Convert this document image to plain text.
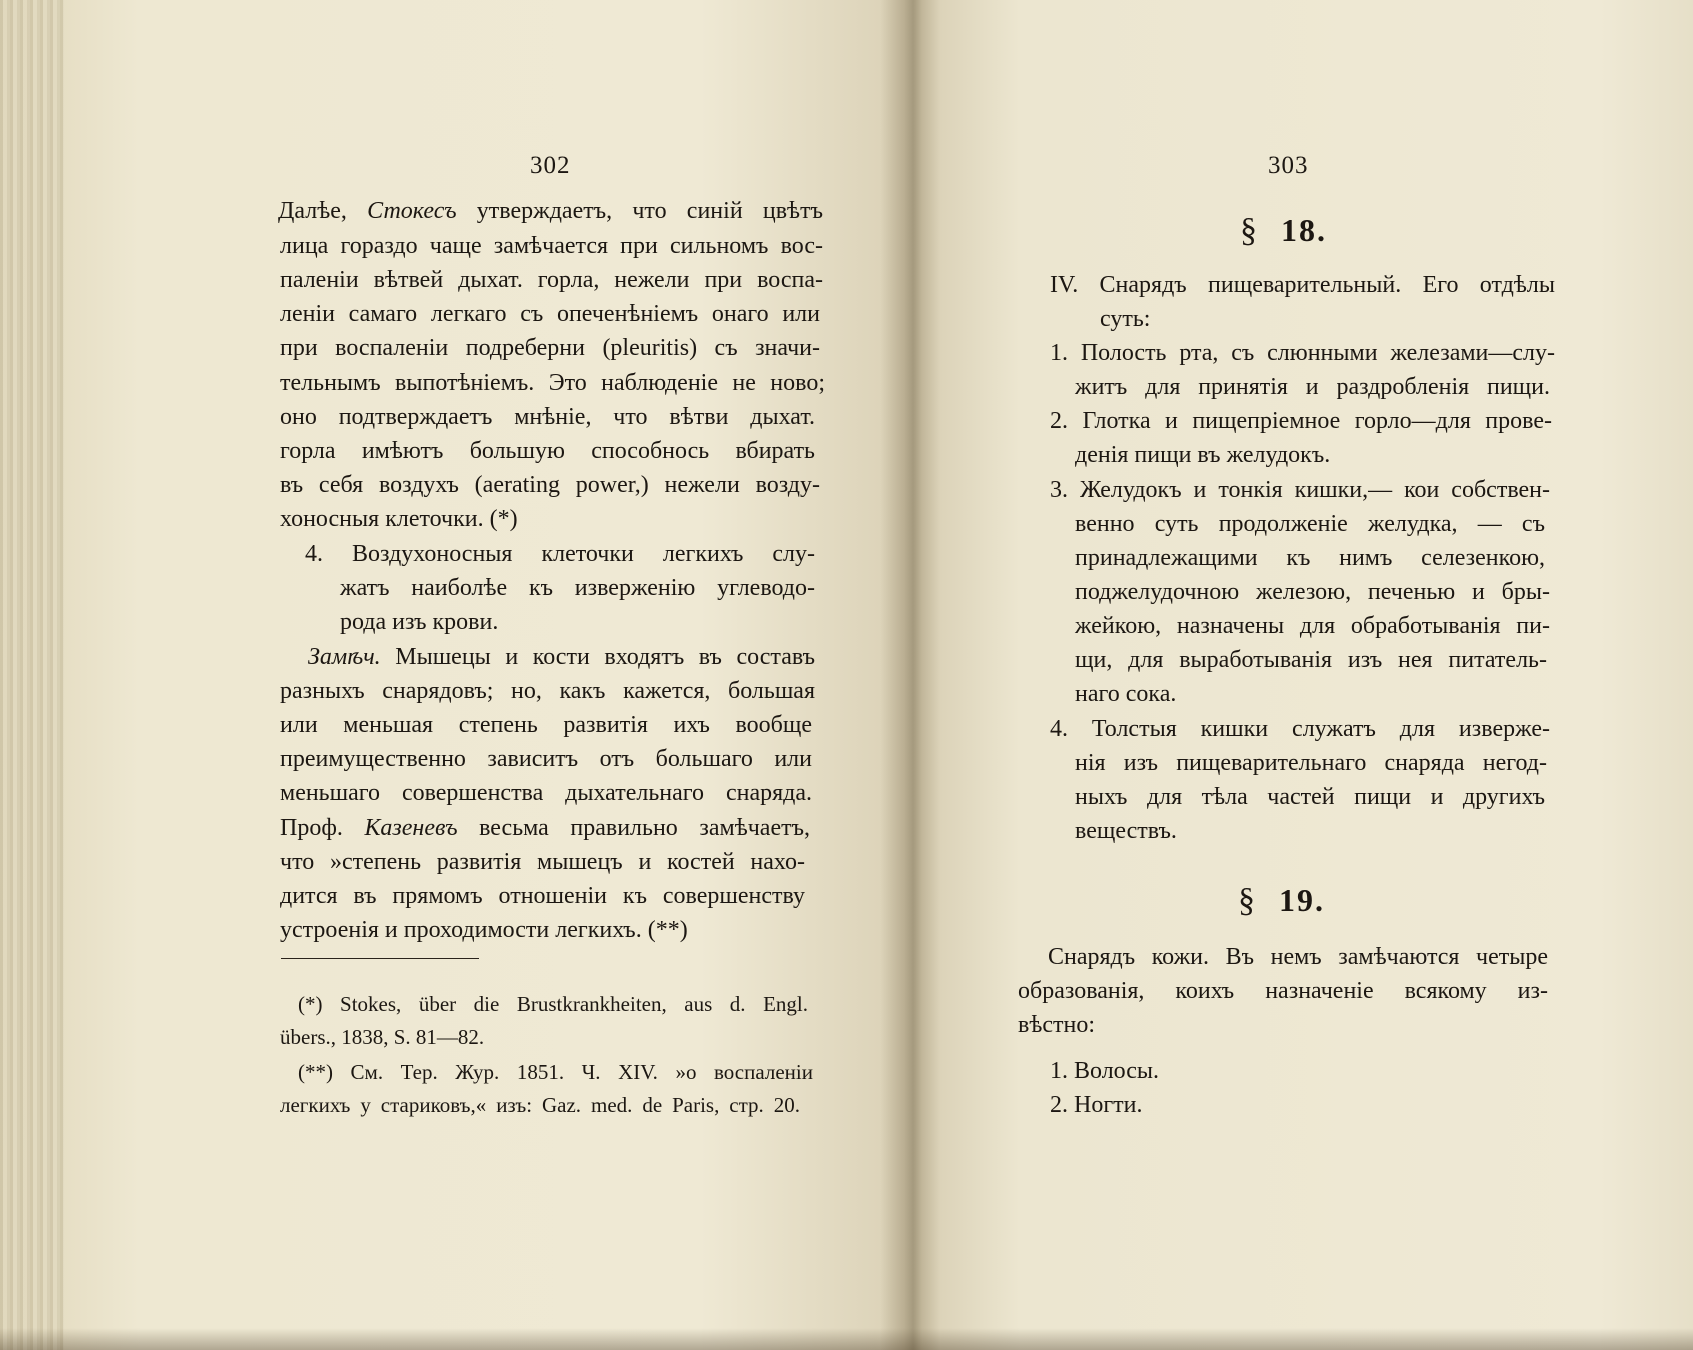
302
Далѣе, Стокесъ утверждаетъ, что синій цвѣтъ
лица гораздо чаще замѣчается при сильномъ вос-
паленіи вѣтвей дыхат. горла, нежели при воспа-
леніи самаго легкаго съ опеченѣніемъ онаго или
при воспаленіи подреберни (pleuritis) съ значи-
тельнымъ выпотѣніемъ. Это наблюденіе не ново;
оно подтверждаетъ мнѣніе, что вѣтви дыхат.
горла имѣютъ большую способнось вбирать
въ себя воздухъ (aerating power,) нежели возду-
хоносныя клеточки. (*)
4. Воздухоносныя клеточки легкихъ слу-
жатъ наиболѣе къ изверженію углеводо-
рода изъ крови.
Замѣч. Мышецы и кости входятъ въ составъ
разныхъ снарядовъ; но, какъ кажется, большая
или меньшая степень развитія ихъ вообще
преимущественно зависитъ отъ большаго или
меньшаго совершенства дыхательнаго снаряда.
Проф. Казеневъ весьма правильно замѣчаетъ,
что »степень развитія мышецъ и костей нахо-
дится въ прямомъ отношеніи къ совершенству
устроенія и проходимости легкихъ. (**)
(*) Stokes, über die Brustkrankheiten, aus d. Engl.
übers., 1838, S. 81—82.
(**) См. Тер. Жур. 1851. Ч. XIV. »о воспаленіи
легкихъ у стариковъ,« изъ: Gaz. med. de Paris, стр. 20.
303
§ 18.
IV. Снарядъ пищеварительный. Его отдѣлы
суть:
1. Полость рта, съ слюнными железами—слу-
житъ для принятія и раздробленія пищи.
2. Глотка и пищепріемное горло—для прове-
денія пищи въ желудокъ.
3. Желудокъ и тонкія кишки,— кои собствен-
венно суть продолженіе желудка, — съ
принадлежащими къ нимъ селезенкою,
поджелудочною железою, печенью и бры-
жейкою, назначены для обработыванія пи-
щи, для выработыванія изъ нея питатель-
наго сока.
4. Толстыя кишки служатъ для изверже-
нія изъ пищеварительнаго снаряда негод-
ныхъ для тѣла частей пищи и другихъ
веществъ.
§ 19.
Снарядъ кожи. Въ немъ замѣчаются четыре
образованія, коихъ назначеніе всякому из-
вѣстно:
1. Волосы.
2. Ногти.
